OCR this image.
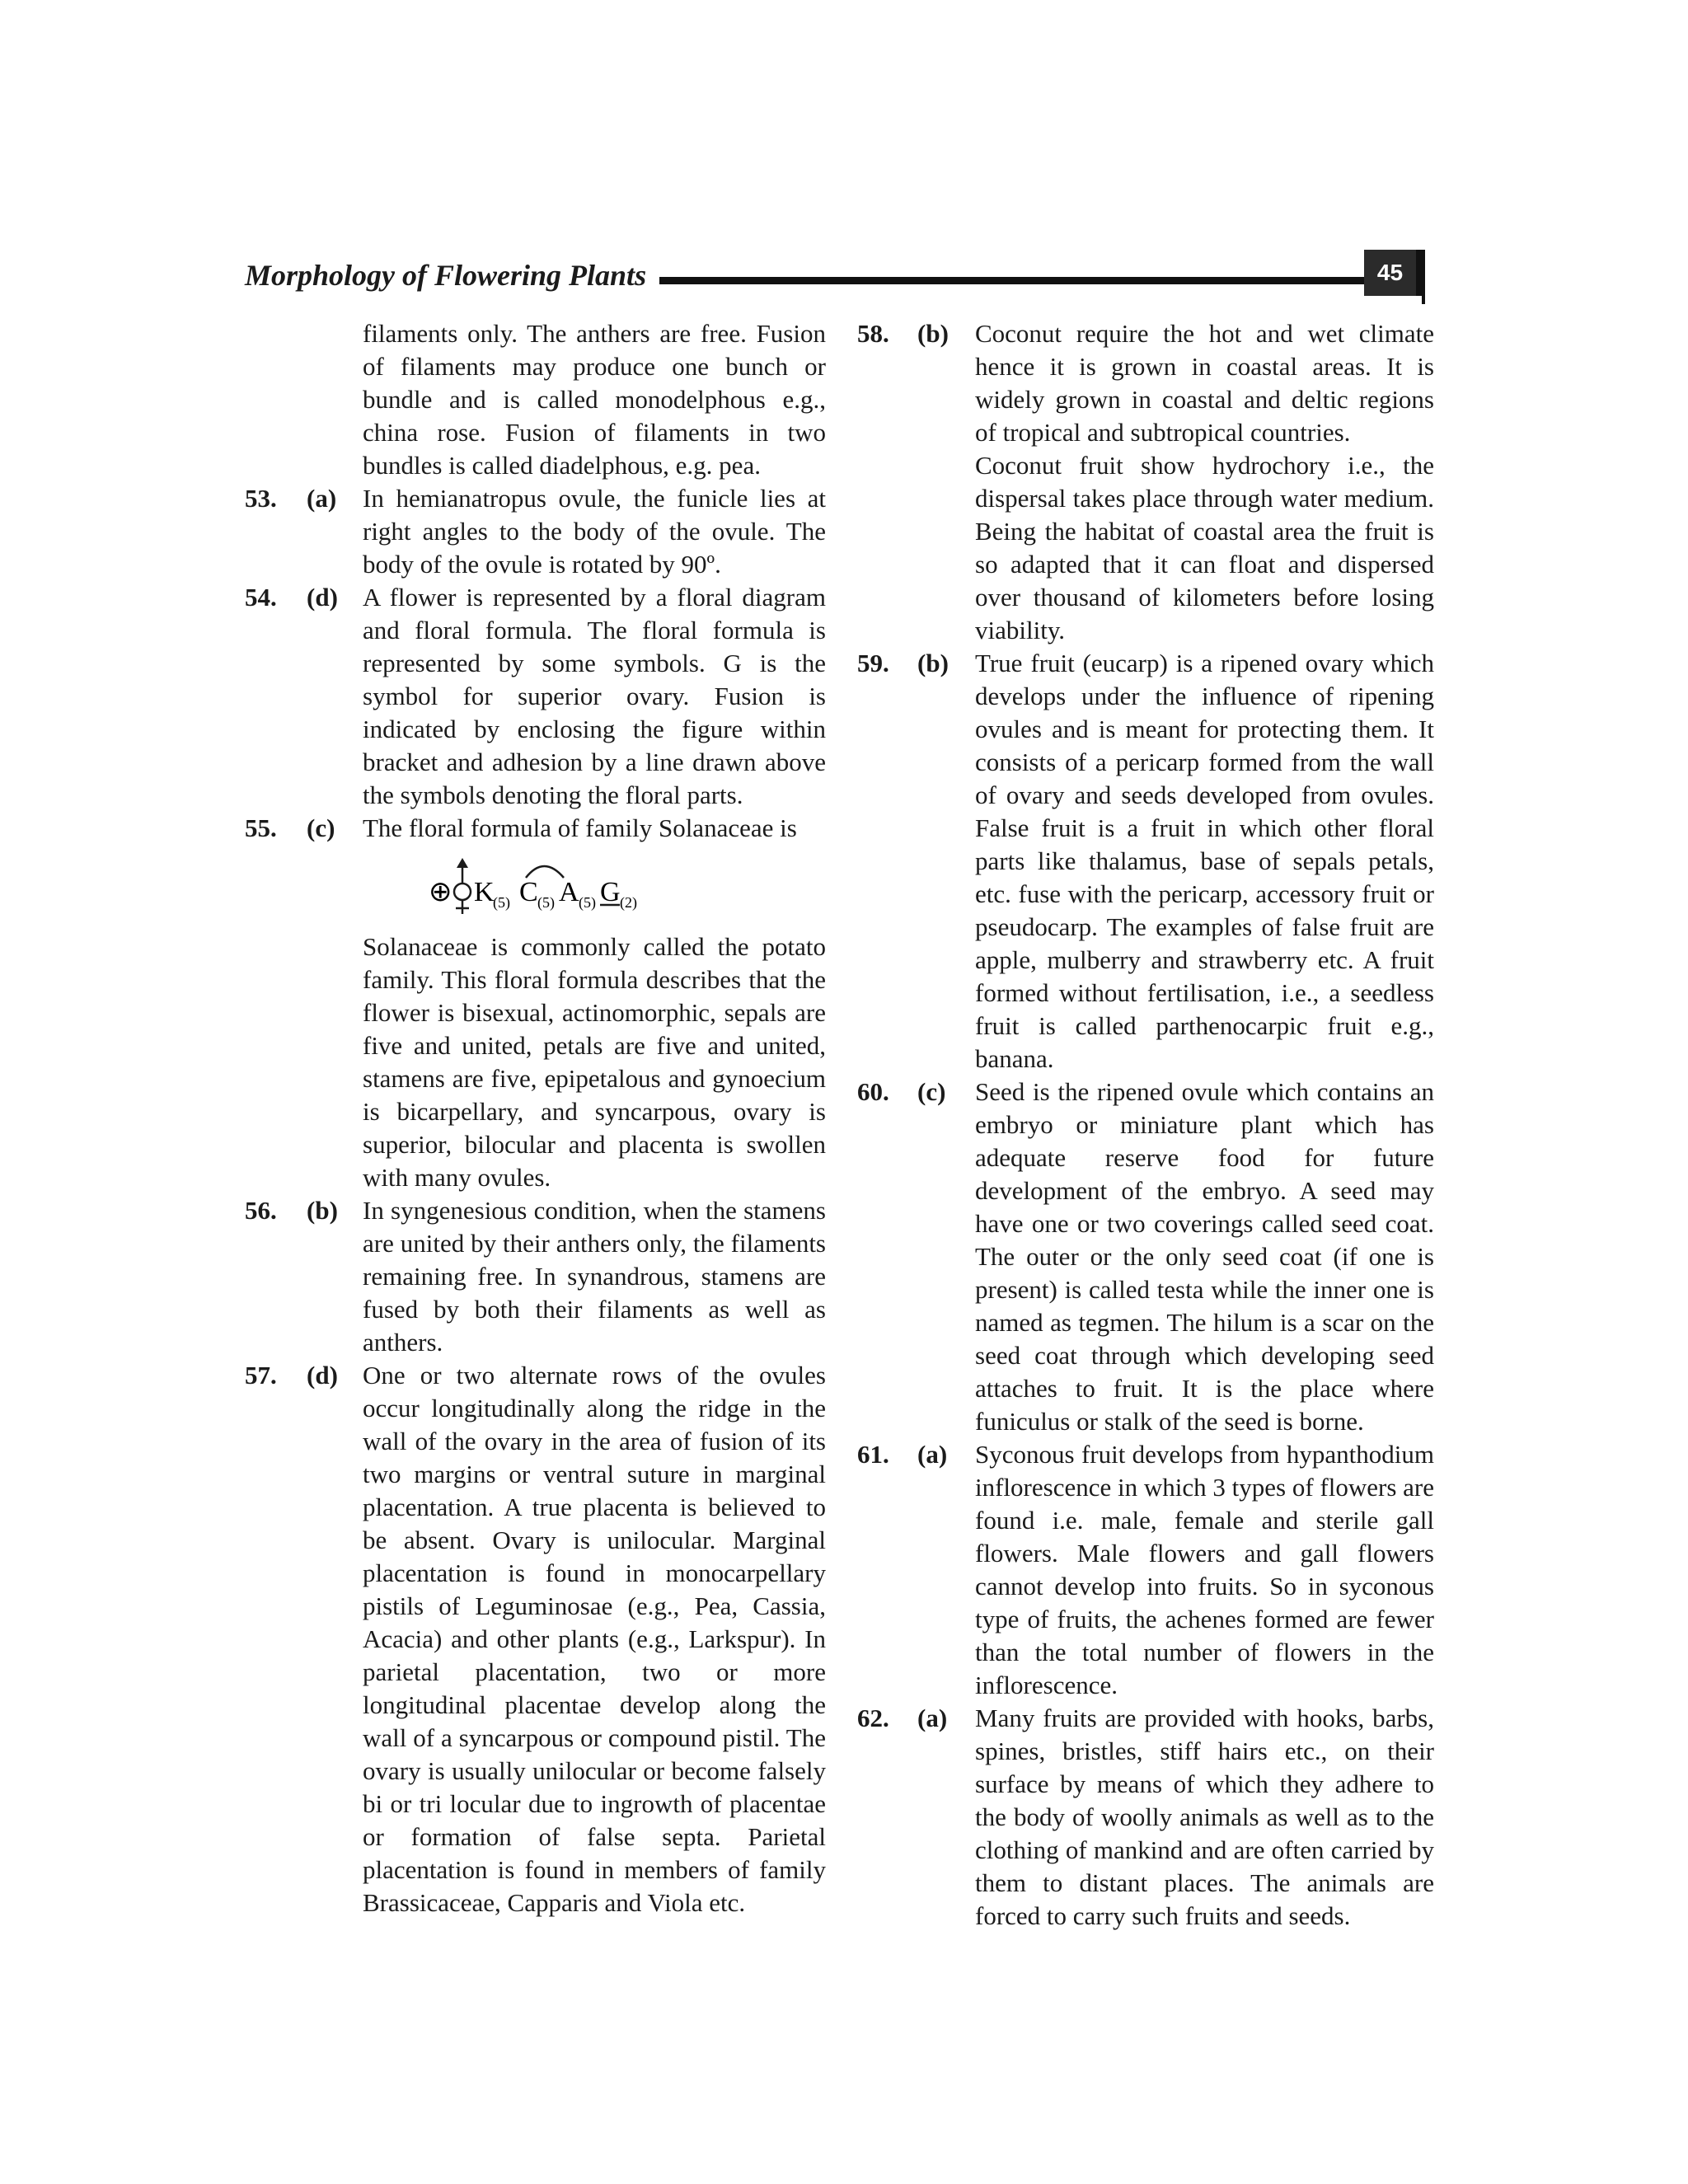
Morphology of Flowering Plants	45

filaments only. The anthers are free. Fusion of filaments may produce one bunch or bundle and is called monodelphous e.g., china rose. Fusion of filaments in two bundles is called diadelphous, e.g. pea.

53. (a) In hemianatropus ovule, the funicle lies at right angles to the body of the ovule. The body of the ovule is rotated by 90º.

54. (d) A flower is represented by a floral diagram and floral formula. The floral formula is represented by some symbols. G is the symbol for superior ovary. Fusion is indicated by enclosing the figure within bracket and adhesion by a line drawn above the symbols denoting the floral parts.

55. (c) The floral formula of family Solanaceae is

⊕ K
(5) C (5) A (5) G (2)

Solanaceae is commonly called the potato family. This floral formula describes that the flower is bisexual, actinomorphic, sepals are five and united, petals are five and united, stamens are five, epipetalous and gynoecium is bicarpellary, and syncarpous, ovary is superior, bilocular and placenta is swollen with many ovules.

56. (b) In syngenesious condition, when the stamens are united by their anthers only, the filaments remaining free. In synandrous, stamens are fused by both their filaments as well as anthers.

57. (d) One or two alternate rows of the ovules occur longitudinally along the ridge in the wall of the ovary in the area of fusion of its two margins or ventral suture in marginal placentation. A true placenta is believed to be absent. Ovary is unilocular. Marginal placentation is found in monocarpellary pistils of Leguminosae (e.g., Pea, Cassia, Acacia) and other plants (e.g., Larkspur). In parietal placentation, two or more longitudinal placentae develop along the wall of a syncarpous or compound pistil. The ovary is usually unilocular or become falsely bi or tri locular due to ingrowth of placentae or formation of false septa. Parietal placentation is found in members of family Brassicaceae, Capparis and Viola etc.

58. (b) Coconut require the hot and wet climate hence it is grown in coastal areas. It is widely grown in coastal and deltic regions of tropical and subtropical countries.

Coconut fruit show hydrochory i.e., the dispersal takes place through water medium. Being the habitat of coastal area the fruit is so adapted that it can float and dispersed over thousand of kilometers before losing viability.

59. (b) True fruit (eucarp) is a ripened ovary which develops under the influence of ripening ovules and is meant for protecting them. It consists of a pericarp formed from the wall of ovary and seeds developed from ovules. False fruit is a fruit in which other floral parts like thalamus, base of sepals petals, etc. fuse with the pericarp, accessory fruit or pseudocarp. The examples of false fruit are apple, mulberry and strawberry etc. A fruit formed without fertilisation, i.e., a seedless fruit is called parthenocarpic fruit e.g., banana.

60. (c) Seed is the ripened ovule which contains an embryo or miniature plant which has adequate reserve food for future development of the embryo. A seed may have one or two coverings called seed coat. The outer or the only seed coat (if one is present) is called testa while the inner one is named as tegmen. The hilum is a scar on the seed coat through which developing seed attaches to fruit. It is the place where funiculus or stalk of the seed is borne.

61. (a) Syconous fruit develops from hypanthodium inflorescence in which 3 types of flowers are found i.e. male, female and sterile gall flowers. Male flowers and gall flowers cannot develop into fruits. So in syconous type of fruits, the achenes formed are fewer than the total number of flowers in the inflorescence.

62. (a) Many fruits are provided with hooks, barbs, spines, bristles, stiff hairs etc., on their surface by means of which they adhere to the body of woolly animals as well as to the clothing of mankind and are often carried by them to distant places. The animals are forced to carry such fruits and seeds.
